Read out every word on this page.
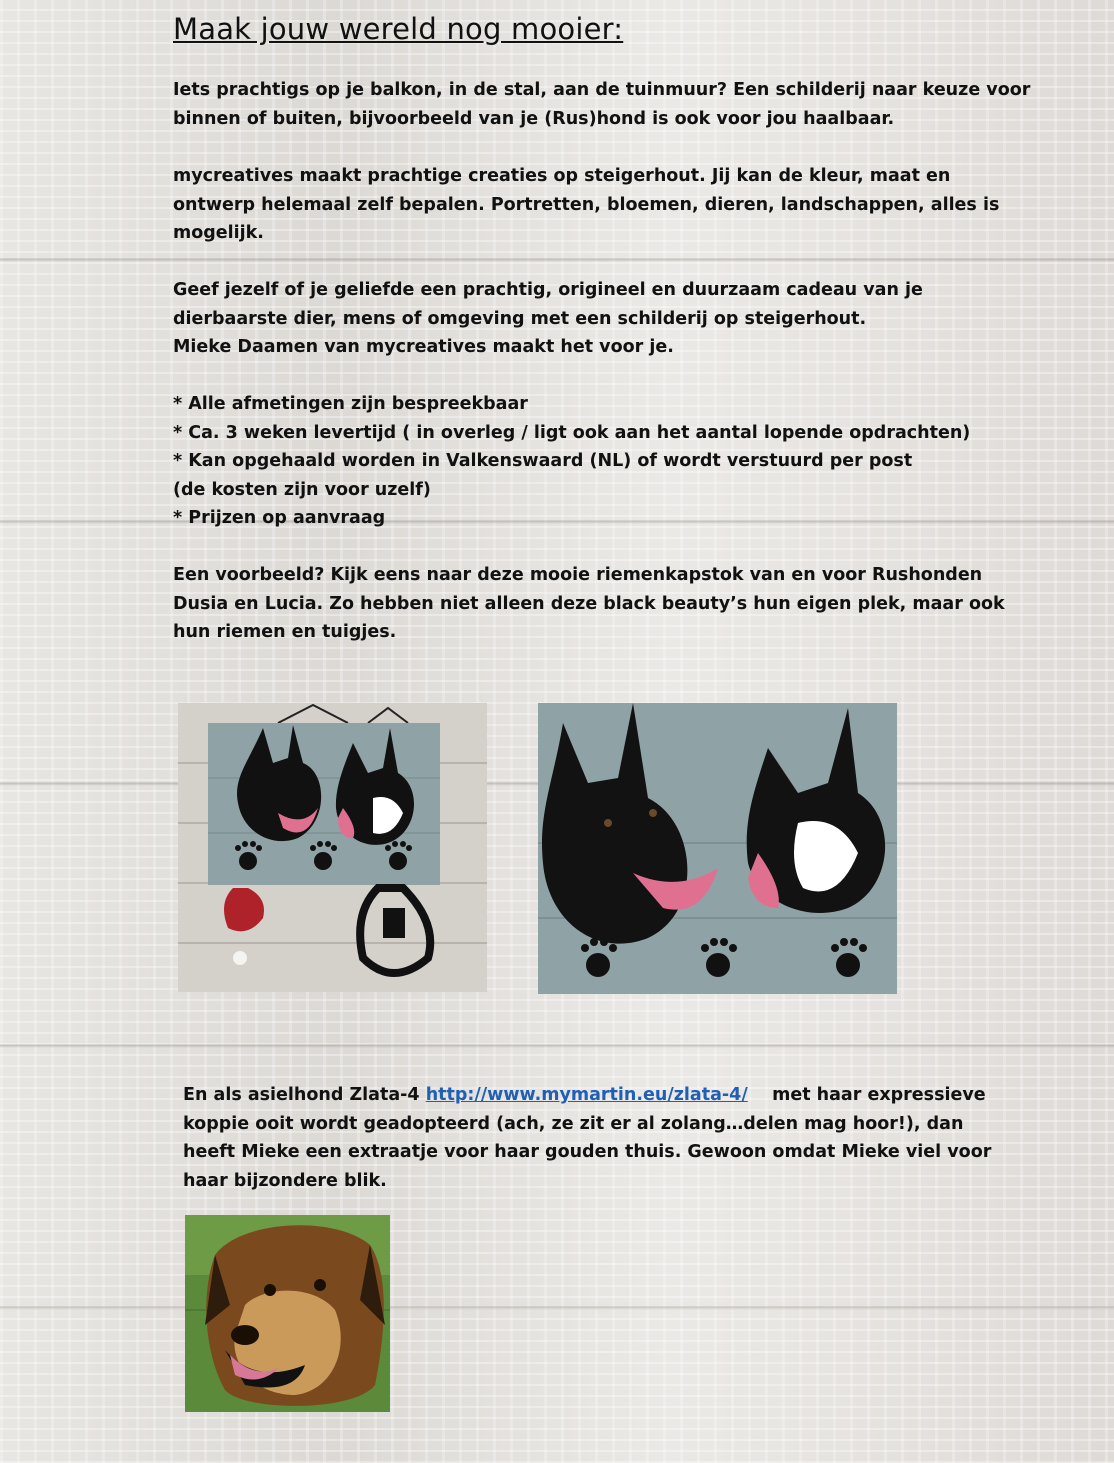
Maak jouw wereld nog mooier:

Iets prachtigs op je balkon, in de stal, aan de tuinmuur? Een schilderij naar keuze voor
binnen of buiten, bijvoorbeeld van je (Rus)hond is ook voor jou haalbaar.

mycreatives maakt prachtige creaties op steigerhout. Jij kan de kleur, maat en
ontwerp helemaal zelf bepalen. Portretten, bloemen, dieren, landschappen, alles is
mogelijk.

Geef jezelf of je geliefde een prachtig, origineel en duurzaam cadeau van je
dierbaarste dier, mens of omgeving met een schilderij op steigerhout.
Mieke Daamen van mycreatives maakt het voor je.

* Alle afmetingen zijn bespreekbaar
* Ca. 3 weken levertijd ( in overleg / ligt ook aan het aantal lopende opdrachten)
* Kan opgehaald worden in Valkenswaard (NL) of wordt verstuurd per post
(de kosten zijn voor uzelf)
* Prijzen op aanvraag

Een voorbeeld? Kijk eens naar deze mooie riemenkapstok van en voor Rushonden
Dusia en Lucia. Zo hebben niet alleen deze black beauty’s hun eigen plek, maar ook
hun riemen en tuigjes.

En als asielhond Zlata-4 http://www.mymartin.eu/zlata-4/    met haar expressieve
koppie ooit wordt geadopteerd (ach, ze zit er al zolang…delen mag hoor!), dan
heeft Mieke een extraatje voor haar gouden thuis. Gewoon omdat Mieke viel voor
haar bijzondere blik.
